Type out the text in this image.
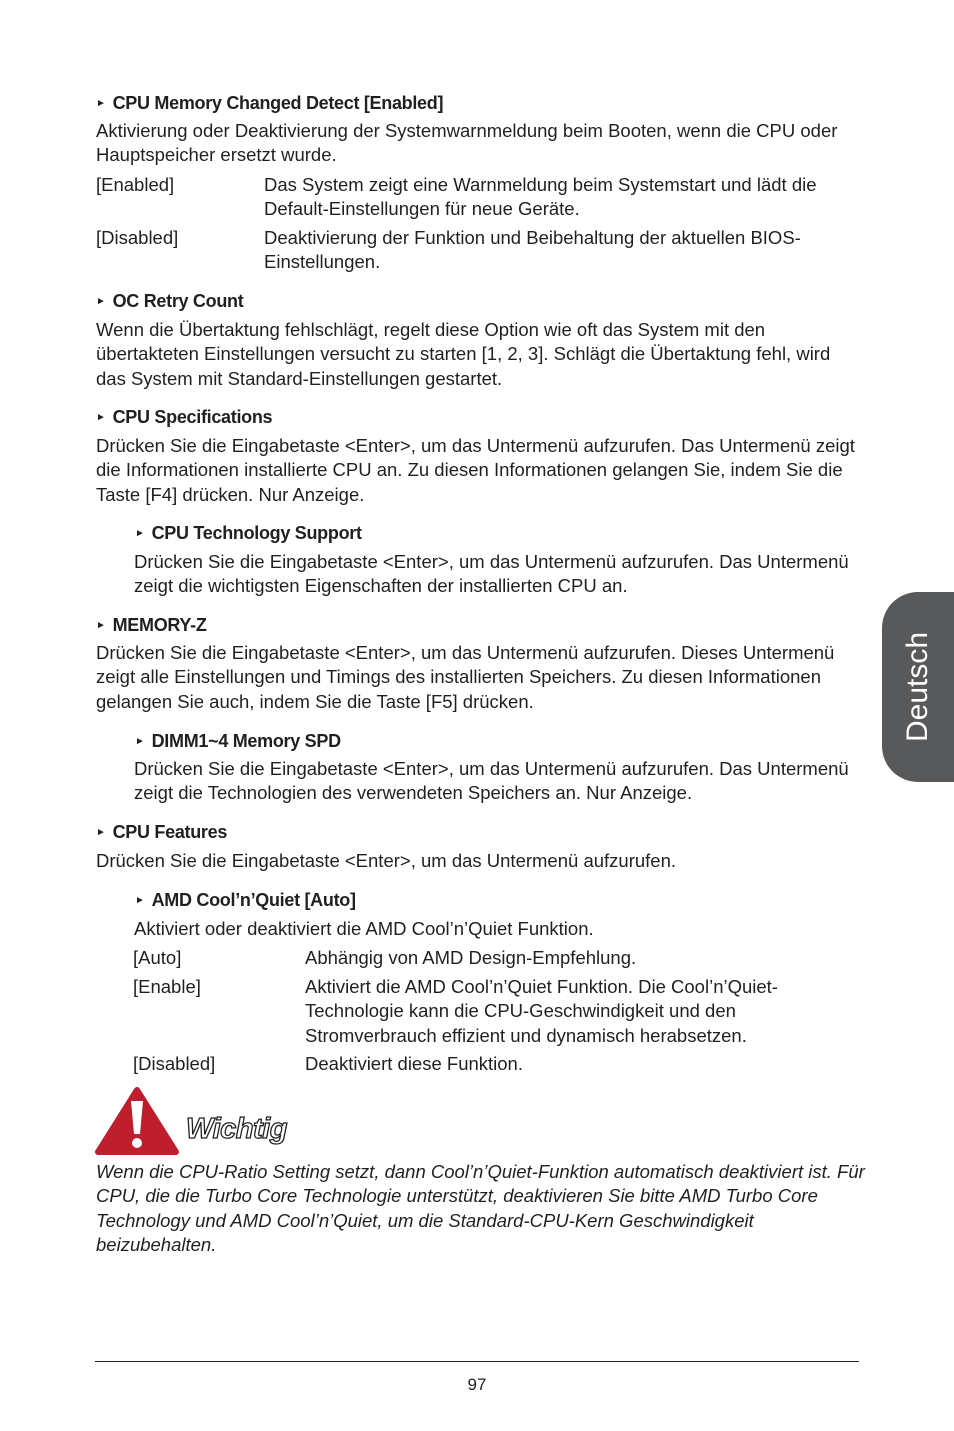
► CPU Memory Changed Detect [Enabled]
Aktivierung oder Deaktivierung der Systemwarnmeldung beim Booten, wenn die CPU oder Hauptspeicher ersetzt wurde.
[Enabled]	Das System zeigt eine Warnmeldung beim Systemstart und lädt die Default-Einstellungen für neue Geräte.
[Disabled]	Deaktivierung der Funktion und Beibehaltung der aktuellen BIOS-Einstellungen.
► OC Retry Count
Wenn die Übertaktung fehlschlägt, regelt diese Option wie oft das System mit den übertakteten Einstellungen versucht zu starten [1, 2, 3]. Schlägt die Übertaktung fehl, wird das System mit Standard-Einstellungen gestartet.
► CPU Specifications
Drücken Sie die Eingabetaste <Enter>, um das Untermenü aufzurufen. Das Untermenü zeigt die Informationen installierte CPU an. Zu diesen Informationen gelangen Sie, indem Sie die Taste [F4] drücken. Nur Anzeige.
► CPU Technology Support
Drücken Sie die Eingabetaste <Enter>, um das Untermenü aufzurufen. Das Untermenü zeigt die wichtigsten Eigenschaften der installierten CPU an.
► MEMORY-Z
Drücken Sie die Eingabetaste <Enter>, um das Untermenü aufzurufen. Dieses Untermenü zeigt alle Einstellungen und Timings des installierten Speichers. Zu diesen Informationen gelangen Sie auch, indem Sie die Taste [F5] drücken.
► DIMM1~4 Memory SPD
Drücken Sie die Eingabetaste <Enter>, um das Untermenü aufzurufen. Das Untermenü zeigt die Technologien des verwendeten Speichers an. Nur Anzeige.
► CPU Features
Drücken Sie die Eingabetaste <Enter>, um das Untermenü aufzurufen.
► AMD Cool’n’Quiet [Auto]
Aktiviert oder deaktiviert die AMD Cool’n’Quiet Funktion.
[Auto]	Abhängig von AMD Design-Empfehlung.
[Enable]	Aktiviert die AMD Cool’n’Quiet Funktion. Die Cool’n’Quiet-Technologie kann die CPU-Geschwindigkeit und den Stromverbrauch effizient und dynamisch herabsetzen.
[Disabled]	Deaktiviert diese Funktion.
Wichtig
Wenn die CPU-Ratio Setting setzt, dann Cool’n’Quiet-Funktion automatisch deaktiviert ist. Für CPU, die die Turbo Core Technologie unterstützt, deaktivieren Sie bitte AMD Turbo Core Technology und AMD Cool’n’Quiet, um die Standard-CPU-Kern Geschwindigkeit beizubehalten.
Deutsch
97
